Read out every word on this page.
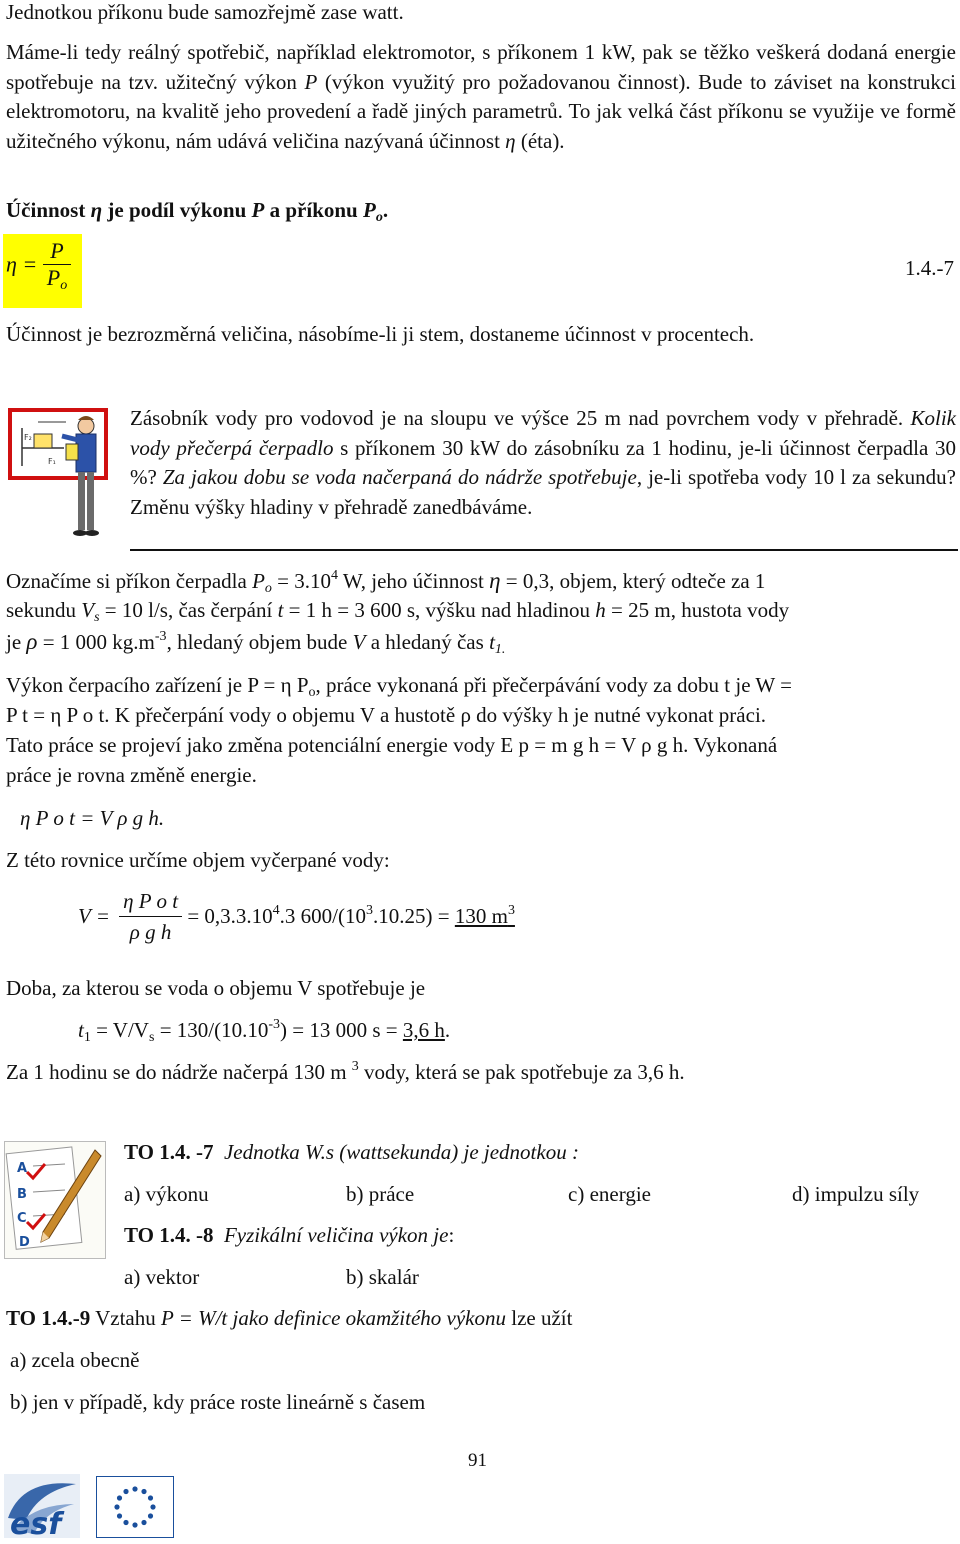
Jednotkou příkonu bude samozřejmě zase watt.
Máme-li tedy reálný spotřebič, například elektromotor, s příkonem 1 kW, pak se těžko veškerá dodaná energie spotřebuje na tzv. užitečný výkon P (výkon využitý pro požadovanou činnost). Bude to záviset na konstrukci elektromotoru, na kvalitě jeho provedení a řadě jiných parametrů. To jak velká část příkonu se využije ve formě užitečného výkonu, nám udává veličina nazývaná účinnost η (éta).
Účinnost η je podíl výkonu P a příkonu $P_o$.
$\eta = \frac{P}{P_o}$	1.4.-7
Účinnost je bezrozměrná veličina, násobíme-li ji stem, dostaneme účinnost v procentech.
F₂
F₁
Zásobník vody pro vodovod je na sloupu ve výšce 25 m nad povrchem vody v přehradě. Kolik vody přečerpá čerpadlo s příkonem 30 kW do zásobníku za 1 hodinu, je-li účinnost čerpadla 30 %? Za jakou dobu se voda načerpaná do nádrže spotřebuje, je-li spotřeba vody 10 l za sekundu? Změnu výšky hladiny v přehradě zanedbáváme.
Označíme si příkon čerpadla $P_o = 3.10^4$ W, jeho účinnost η = 0,3, objem, který odteče za 1
sekundu $V_s = 10$ l/s, čas čerpání t = 1 h = 3 600 s, výšku nad hladinou h = 25 m, hustota vody
je ρ = 1 000 $kg.m^{-3}$, hledaný objem bude V a hledaný čas $t_{1.}$
Výkon čerpacího zařízení je P = η $P_o$, práce vykonaná při přečerpávání vody za dobu t je W =
P t = η P o t. K přečerpání vody o objemu V a hustotě ρ do výšky h je nutné vykonat práci.
Tato práce se projeví jako změna potenciální energie vody E p = m g h = V ρ g h. Vykonaná
práce je rovna změně energie.
η P o t = V ρ g h.
Z této rovnice určíme objem vyčerpané vody:
$V = \frac{\text{η P o t}}{\text{ρ g h}} = 0,3.3.10^4.3$ $600/(10^3.10.25) = 130$ $m^3$
Doba, za kterou se voda o objemu V spotřebuje je
$t_1 = V/V_s = 130/(10.10^{-3}) = 13$ 000 s = 3,6 h.
Za 1 hodinu se do nádrže načerpá 130 m $^3$ vody, která se pak spotřebuje za 3,6 h.
A
B
C
D
TO 1.4. -7 Jednotka W.s (wattsekunda) je jednotkou :
a) výkonu	b) práce	c) energie	d) impulzu síly
TO 1.4. -8 Fyzikální veličina výkon je:
a) vektor	b) skalár
TO 1.4.-9 Vztahu P = W/t jako definice okamžitého výkonu lze užít
a) zcela obecně
b) jen v případě, kdy práce roste lineárně s časem
91
esf
